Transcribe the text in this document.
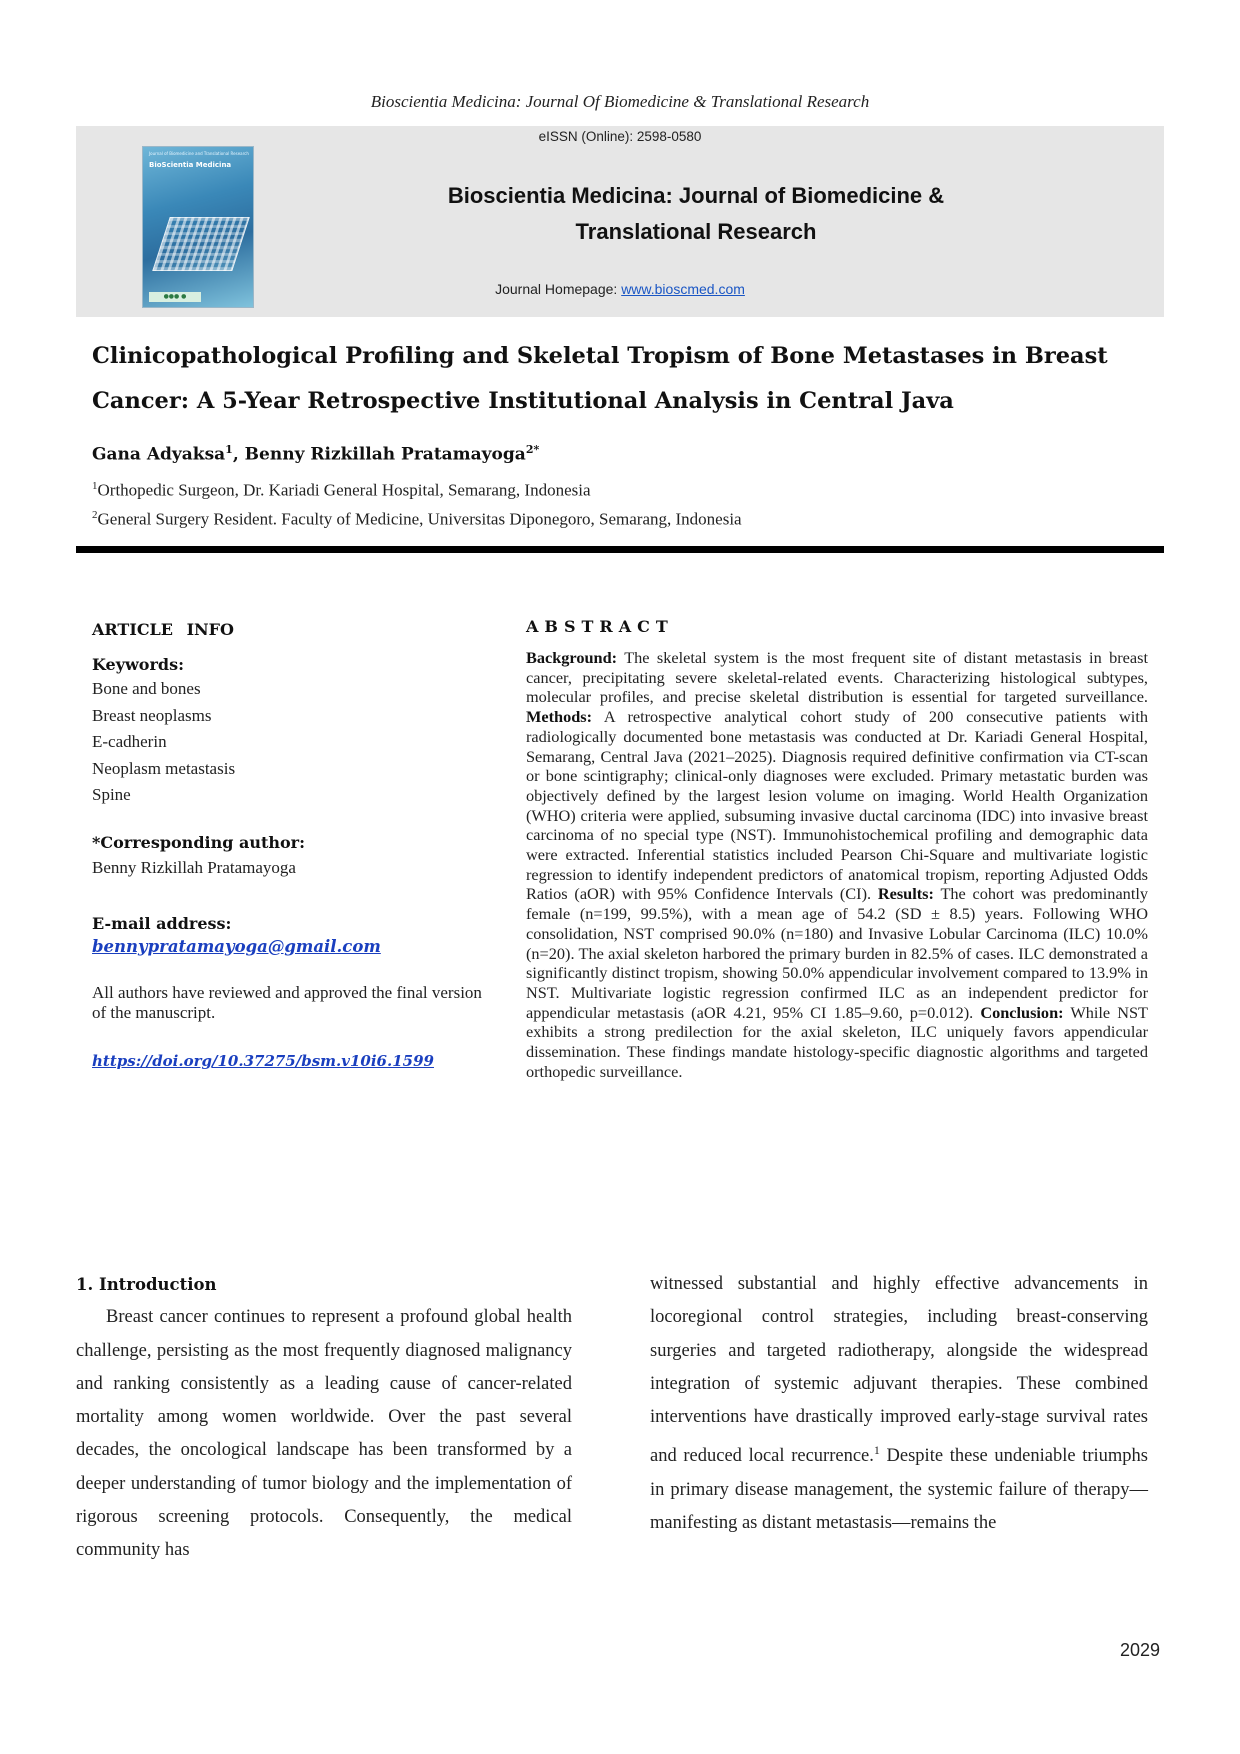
Bioscientia Medicina: Journal Of Biomedicine & Translational Research
Journal of Biomedicine and Translational Research
BioScientia Medicina
●●● ●
eISSN (Online): 2598-0580
Bioscientia Medicina: Journal of Biomedicine &
Translational Research
Journal Homepage: www.bioscmed.com
Clinicopathological Profiling and Skeletal Tropism of Bone Metastases in Breast
Cancer: A 5-Year Retrospective Institutional Analysis in Central Java
Gana Adyaksa$^1$, Benny Rizkillah Pratamayoga$^{2*}$
$^1$Orthopedic Surgeon, Dr. Kariadi General Hospital, Semarang, Indonesia
$^2$General Surgery Resident. Faculty of Medicine, Universitas Diponegoro, Semarang, Indonesia
ARTICLE INFO
Keywords:
Bone and bones
Breast neoplasms
E-cadherin
Neoplasm metastasis
Spine
*Corresponding author:
Benny Rizkillah Pratamayoga
E-mail address:
bennypratamayoga@gmail.com
All authors have reviewed and approved the final version of the manuscript.
https://doi.org/10.37275/bsm.v10i6.1599
ABSTRACT
Background: The skeletal system is the most frequent site of distant metastasis in breast cancer, precipitating severe skeletal-related events. Characterizing histological subtypes, molecular profiles, and precise skeletal distribution is essential for targeted surveillance. Methods: A retrospective analytical cohort study of 200 consecutive patients with radiologically documented bone metastasis was conducted at Dr. Kariadi General Hospital, Semarang, Central Java (2021–2025). Diagnosis required definitive confirmation via CT-scan or bone scintigraphy; clinical-only diagnoses were excluded. Primary metastatic burden was objectively defined by the largest lesion volume on imaging. World Health Organization (WHO) criteria were applied, subsuming invasive ductal carcinoma (IDC) into invasive breast carcinoma of no special type (NST). Immunohistochemical profiling and demographic data were extracted. Inferential statistics included Pearson Chi-Square and multivariate logistic regression to identify independent predictors of anatomical tropism, reporting Adjusted Odds Ratios (aOR) with 95% Confidence Intervals (CI). Results: The cohort was predominantly female (n=199, 99.5%), with a mean age of 54.2 (SD ± 8.5) years. Following WHO consolidation, NST comprised 90.0% (n=180) and Invasive Lobular Carcinoma (ILC) 10.0% (n=20). The axial skeleton harbored the primary burden in 82.5% of cases. ILC demonstrated a significantly distinct tropism, showing 50.0% appendicular involvement compared to 13.9% in NST. Multivariate logistic regression confirmed ILC as an independent predictor for appendicular metastasis (aOR 4.21, 95% CI 1.85–9.60, p=0.012). Conclusion: While NST exhibits a strong predilection for the axial skeleton, ILC uniquely favors appendicular dissemination. These findings mandate histology-specific diagnostic algorithms and targeted orthopedic surveillance.
1. Introduction
Breast cancer continues to represent a profound global health challenge, persisting as the most frequently diagnosed malignancy and ranking consistently as a leading cause of cancer-related mortality among women worldwide. Over the past several decades, the oncological landscape has been transformed by a deeper understanding of tumor biology and the implementation of rigorous screening protocols. Consequently, the medical community has
witnessed substantial and highly effective advancements in locoregional control strategies, including breast-conserving surgeries and targeted radiotherapy, alongside the widespread integration of systemic adjuvant therapies. These combined interventions have drastically improved early-stage survival rates and reduced local recurrence.$^1$ Despite these undeniable triumphs in primary disease management, the systemic failure of therapy—manifesting as distant metastasis—remains the
2029
